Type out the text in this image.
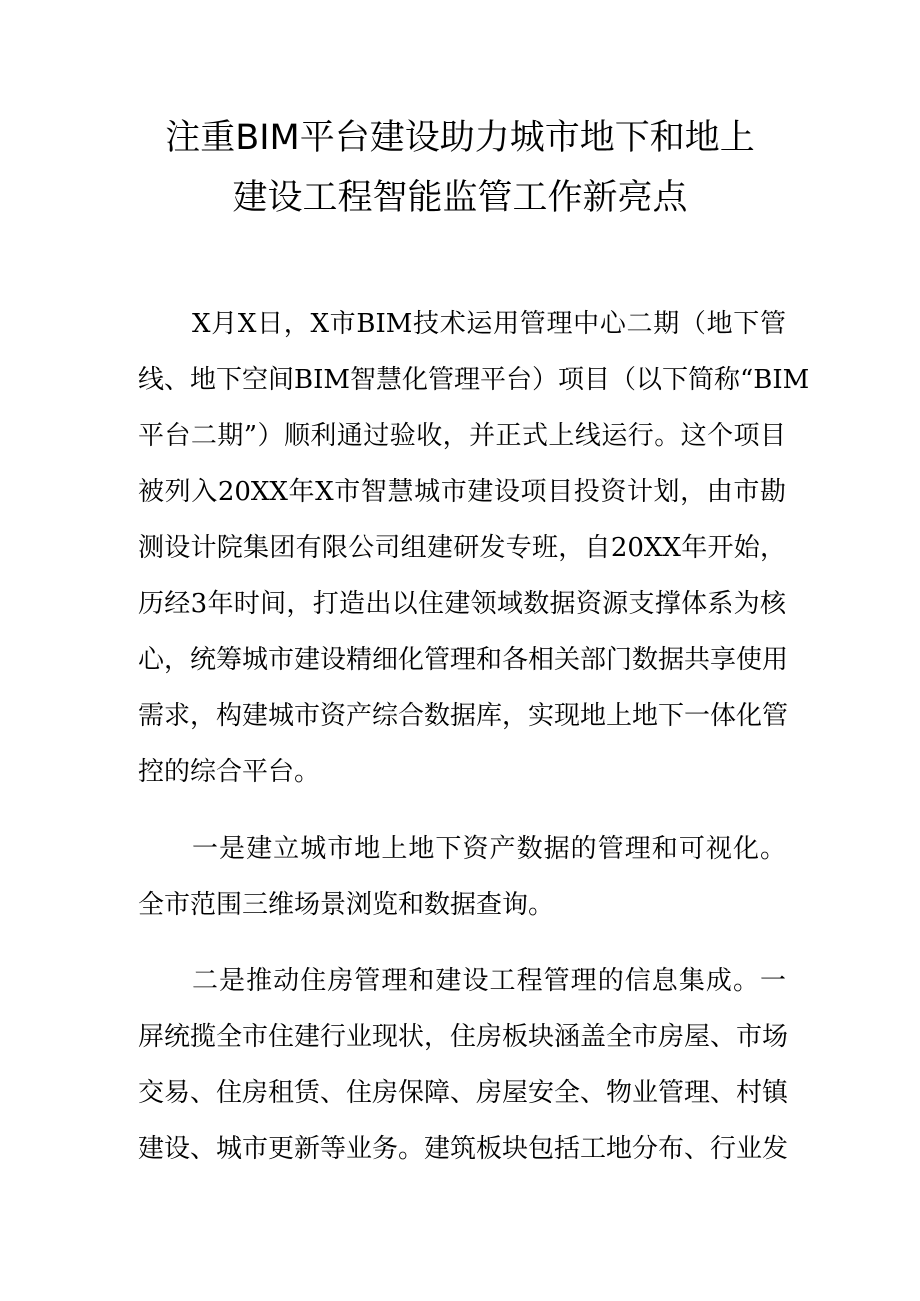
注重BIM平台建设助力城市地下和地上
建设工程智能监管工作新亮点
X月X日，X市BIM技术运用管理中心二期（地下管
线、地下空间BIM智慧化管理平台）项目（以下简称“BIM
平台二期”）顺利通过验收，并正式上线运行。这个项目
被列入20XX年X市智慧城市建设项目投资计划，由市勘
测设计院集团有限公司组建研发专班，自20XX年开始，
历经3年时间，打造出以住建领域数据资源支撑体系为核
心，统筹城市建设精细化管理和各相关部门数据共享使用
需求，构建城市资产综合数据库，实现地上地下一体化管
控的综合平台。
一是建立城市地上地下资产数据的管理和可视化。
全市范围三维场景浏览和数据查询。
二是推动住房管理和建设工程管理的信息集成。一
屏统揽全市住建行业现状，住房板块涵盖全市房屋、市场
交易、住房租赁、住房保障、房屋安全、物业管理、村镇
建设、城市更新等业务。建筑板块包括工地分布、行业发
